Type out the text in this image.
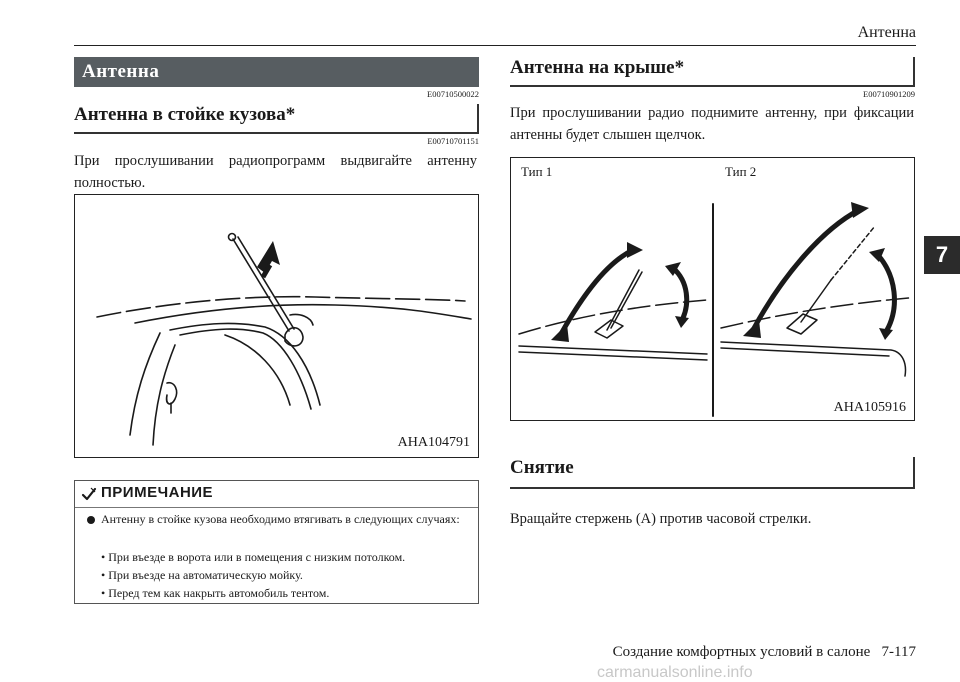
Антенна
7
Антенна
E00710500022
Антенна в стойке кузова*
E00710701151
При прослушивании радиопрограмм выдвигайте антенну полностью.
AHA104791
ПРИМЕЧАНИЕ
Антенну в стойке кузова необходимо втягивать в следующих случаях:
• При въезде в ворота или в помещения с низким потолком.
• При въезде на автоматическую мойку.
• Перед тем как накрыть автомобиль тентом.
Антенна на крыше*
E00710901209
При прослушивании радио поднимите антенну, при фиксации антенны будет слышен щелчок.
Тип 1	Тип 2
AHA105916
Снятие
Вращайте стержень (А) против часовой стрелки.
Создание комфортных условий в салоне   7-117
carmanualsonline.info
